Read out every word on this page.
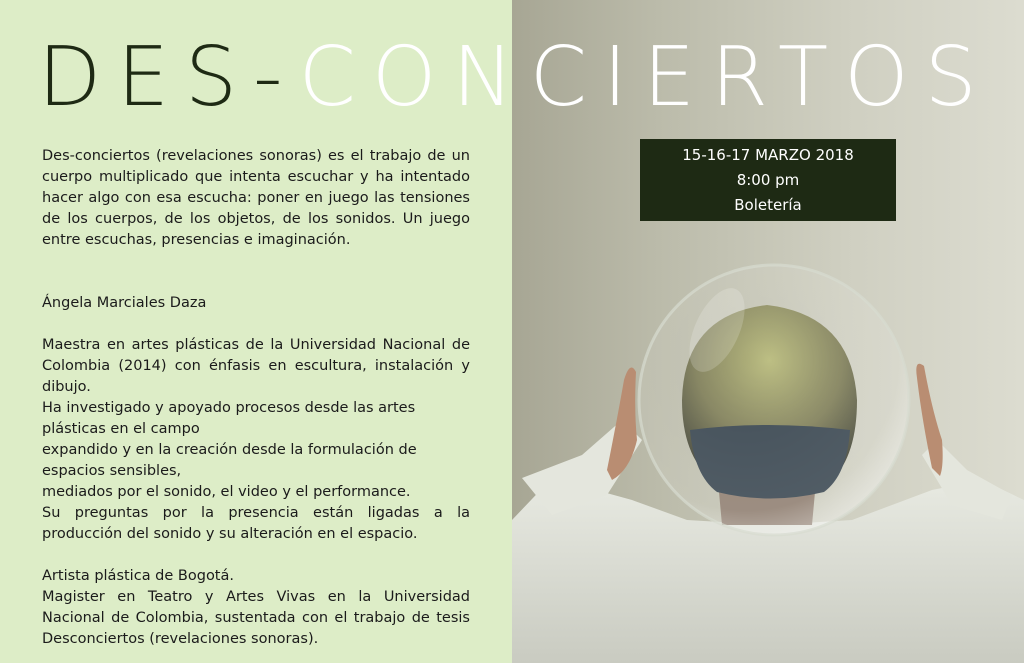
DES-CONCIERTOS
15-16-17 MARZO 2018
8:00 pm
Boletería

Des-conciertos (revelaciones sonoras) es el trabajo de un cuerpo multiplicado que intenta escuchar y ha intentado hacer algo con esa escucha: poner en juego las tensiones de los cuerpos, de los objetos, de los sonidos. Un juego entre escuchas, presencias e imaginación.

Ángela Marciales Daza

Maestra en artes plásticas de la Universidad Nacional de Colombia (2014) con énfasis en escultura, instalación y dibujo.

Ha investigado y apoyado procesos desde las artes plásticas en el campo

expandido y en la creación desde la formulación de espacios sensibles,

mediados por el sonido, el video y el performance.

Su preguntas por la presencia están ligadas a la producción del sonido y su alteración en el espacio.

Artista plástica de Bogotá.

Magister en Teatro y Artes Vivas en la Universidad Nacional de Colombia, sustentada con el trabajo de tesis Desconciertos (revelaciones sonoras).
